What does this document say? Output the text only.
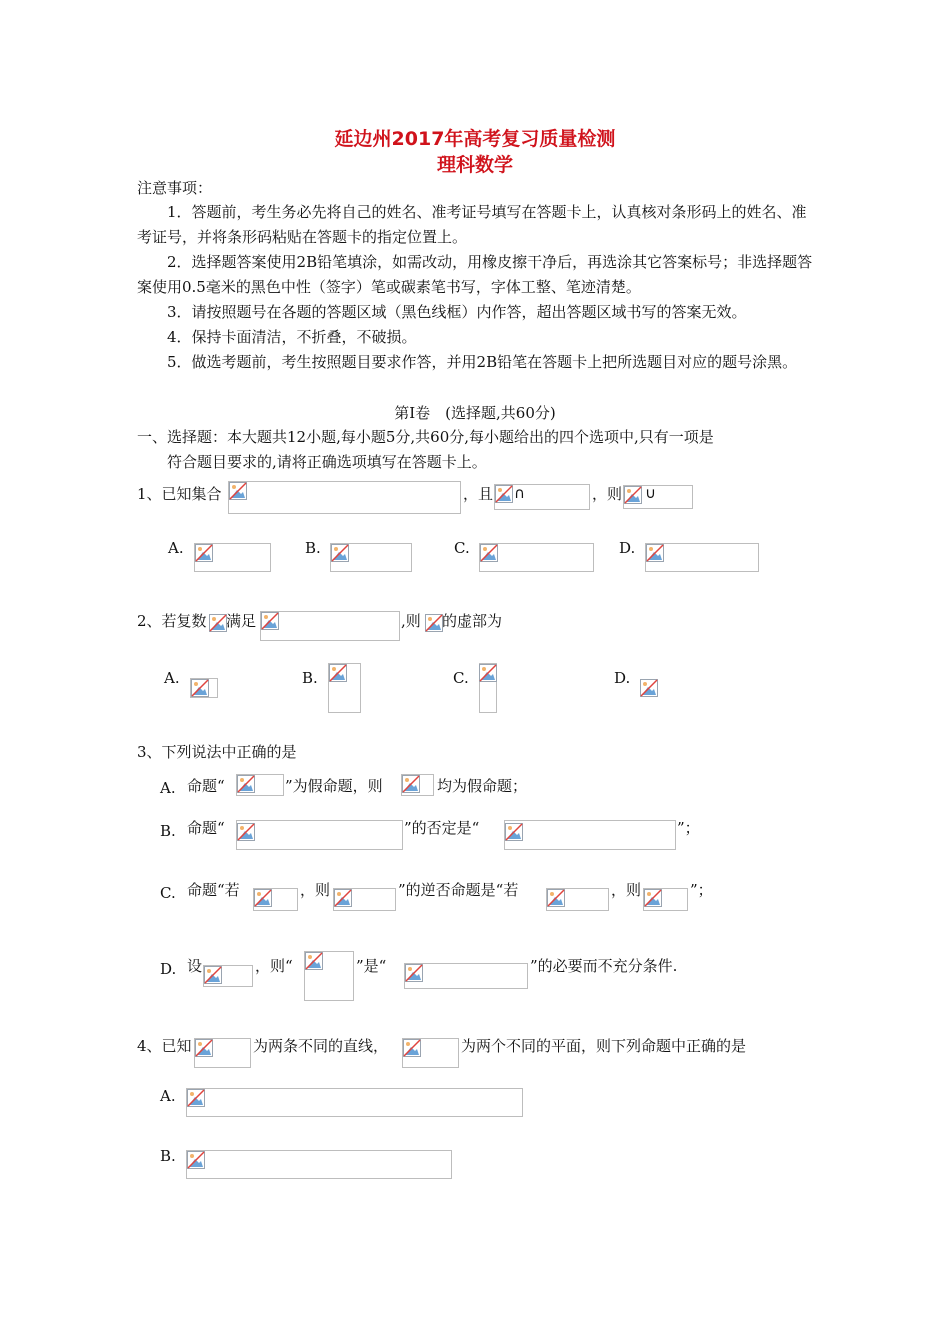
延边州2017年高考复习质量检测
理科数学
注意事项：
1．答题前，考生务必先将自己的姓名、准考证号填写在答题卡上，认真核对条形码上的姓名、准考证号，并将条形码粘贴在答题卡的指定位置上。
2．选择题答案使用2B铅笔填涂，如需改动，用橡皮擦干净后，再选涂其它答案标号；非选择题答案使用0.5毫米的黑色中性（签字）笔或碳素笔书写，字体工整、笔迹清楚。
3．请按照题号在各题的答题区域（黑色线框）内作答，超出答题区域书写的答案无效。
4．保持卡面清洁，不折叠，不破损。
5．做选考题前，考生按照题目要求作答，并用2B铅笔在答题卡上把所选题目对应的题号涂黑。
第Ⅰ卷　(选择题,共60分)
一、选择题：本大题共12小题,每小题5分,共60分,每小题给出的四个选项中,只有一项是
符合题目要求的,请将正确选项填写在答题卡上。
1、已知集合	，且 ∩	，则 ∪
A.	B.	C.	D.
2、若复数 满足	,则 的虚部为
A.	B.	C.	D.
3、下列说法中正确的是
A. 命题“	”为假命题，则	均为假命题；
B. 命题“	”的否定是“	”；
C. 命题“若	，则	”的逆否命题是“若	，则	”；
D. 设	，则“	”是“	”的必要而不充分条件.
4、已知	为两条不同的直线，	为两个不同的平面，则下列命题中正确的是
A.
B.
